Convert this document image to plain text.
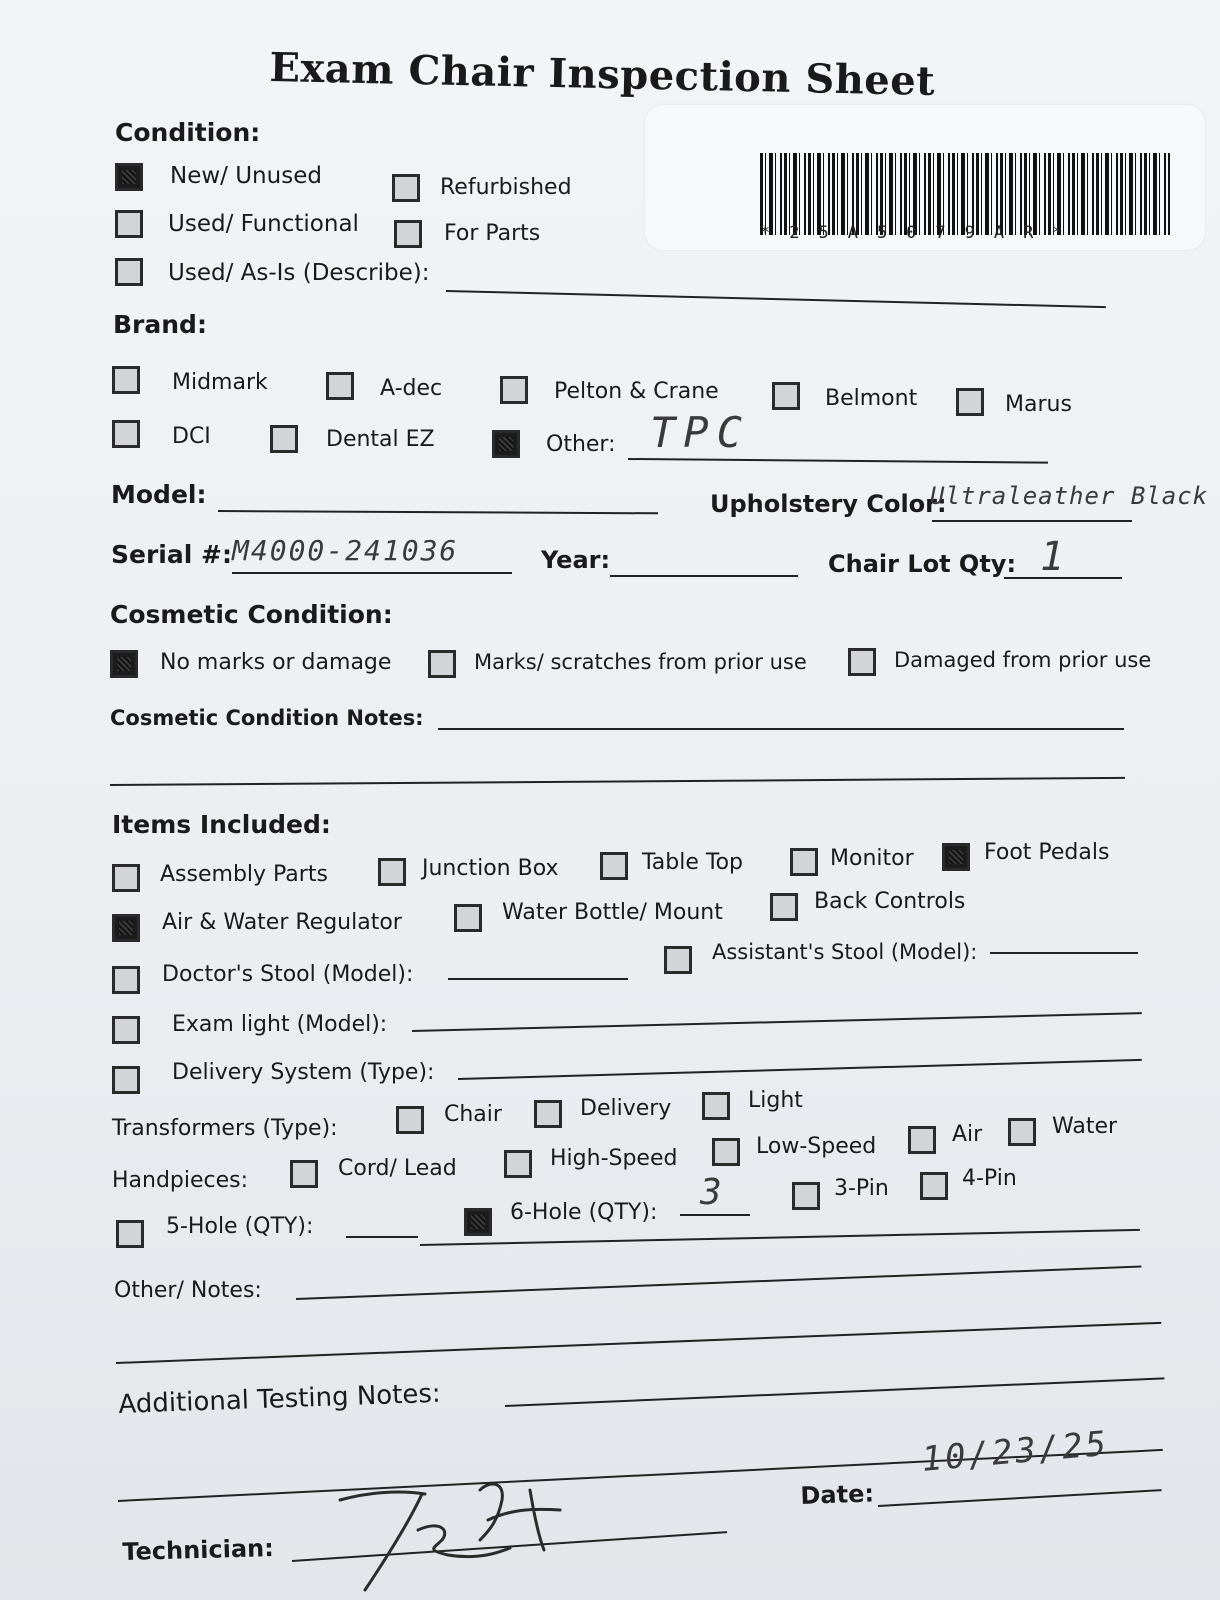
Exam Chair Inspection Sheet
*25A5079AR*
Condition:
New/ Unused	Refurbished
Used/ Functional	For Parts
Used/ As-Is (Describe):
Brand:
Midmark	A-dec	Pelton & Crane	Belmont	Marus
DCI	Dental EZ	Other: TPC
Model:	Upholstery Color:
Ultraleather Black
Serial #: M4000-241036	Year:	Chair Lot Qty: 1
Cosmetic Condition:
No marks or damage	Marks/ scratches from prior use	Damaged from prior use
Cosmetic Condition Notes:
Items Included:
Assembly Parts	Junction Box	Table Top	Monitor	Foot Pedals
Air & Water Regulator	Water Bottle/ Mount	Back Controls
Doctor's Stool (Model):
Assistant's Stool (Model):
Exam light (Model):
Delivery System (Type):
Transformers (Type):
Chair	Delivery	Light
Handpieces:	Cord/ Lead	High-Speed	Low-Speed	Air	Water
5-Hole (QTY):
6-Hole (QTY): 3	3-Pin	4-Pin
Other/ Notes:
Additional Testing Notes:
Date:
10/23/25
Technician:
